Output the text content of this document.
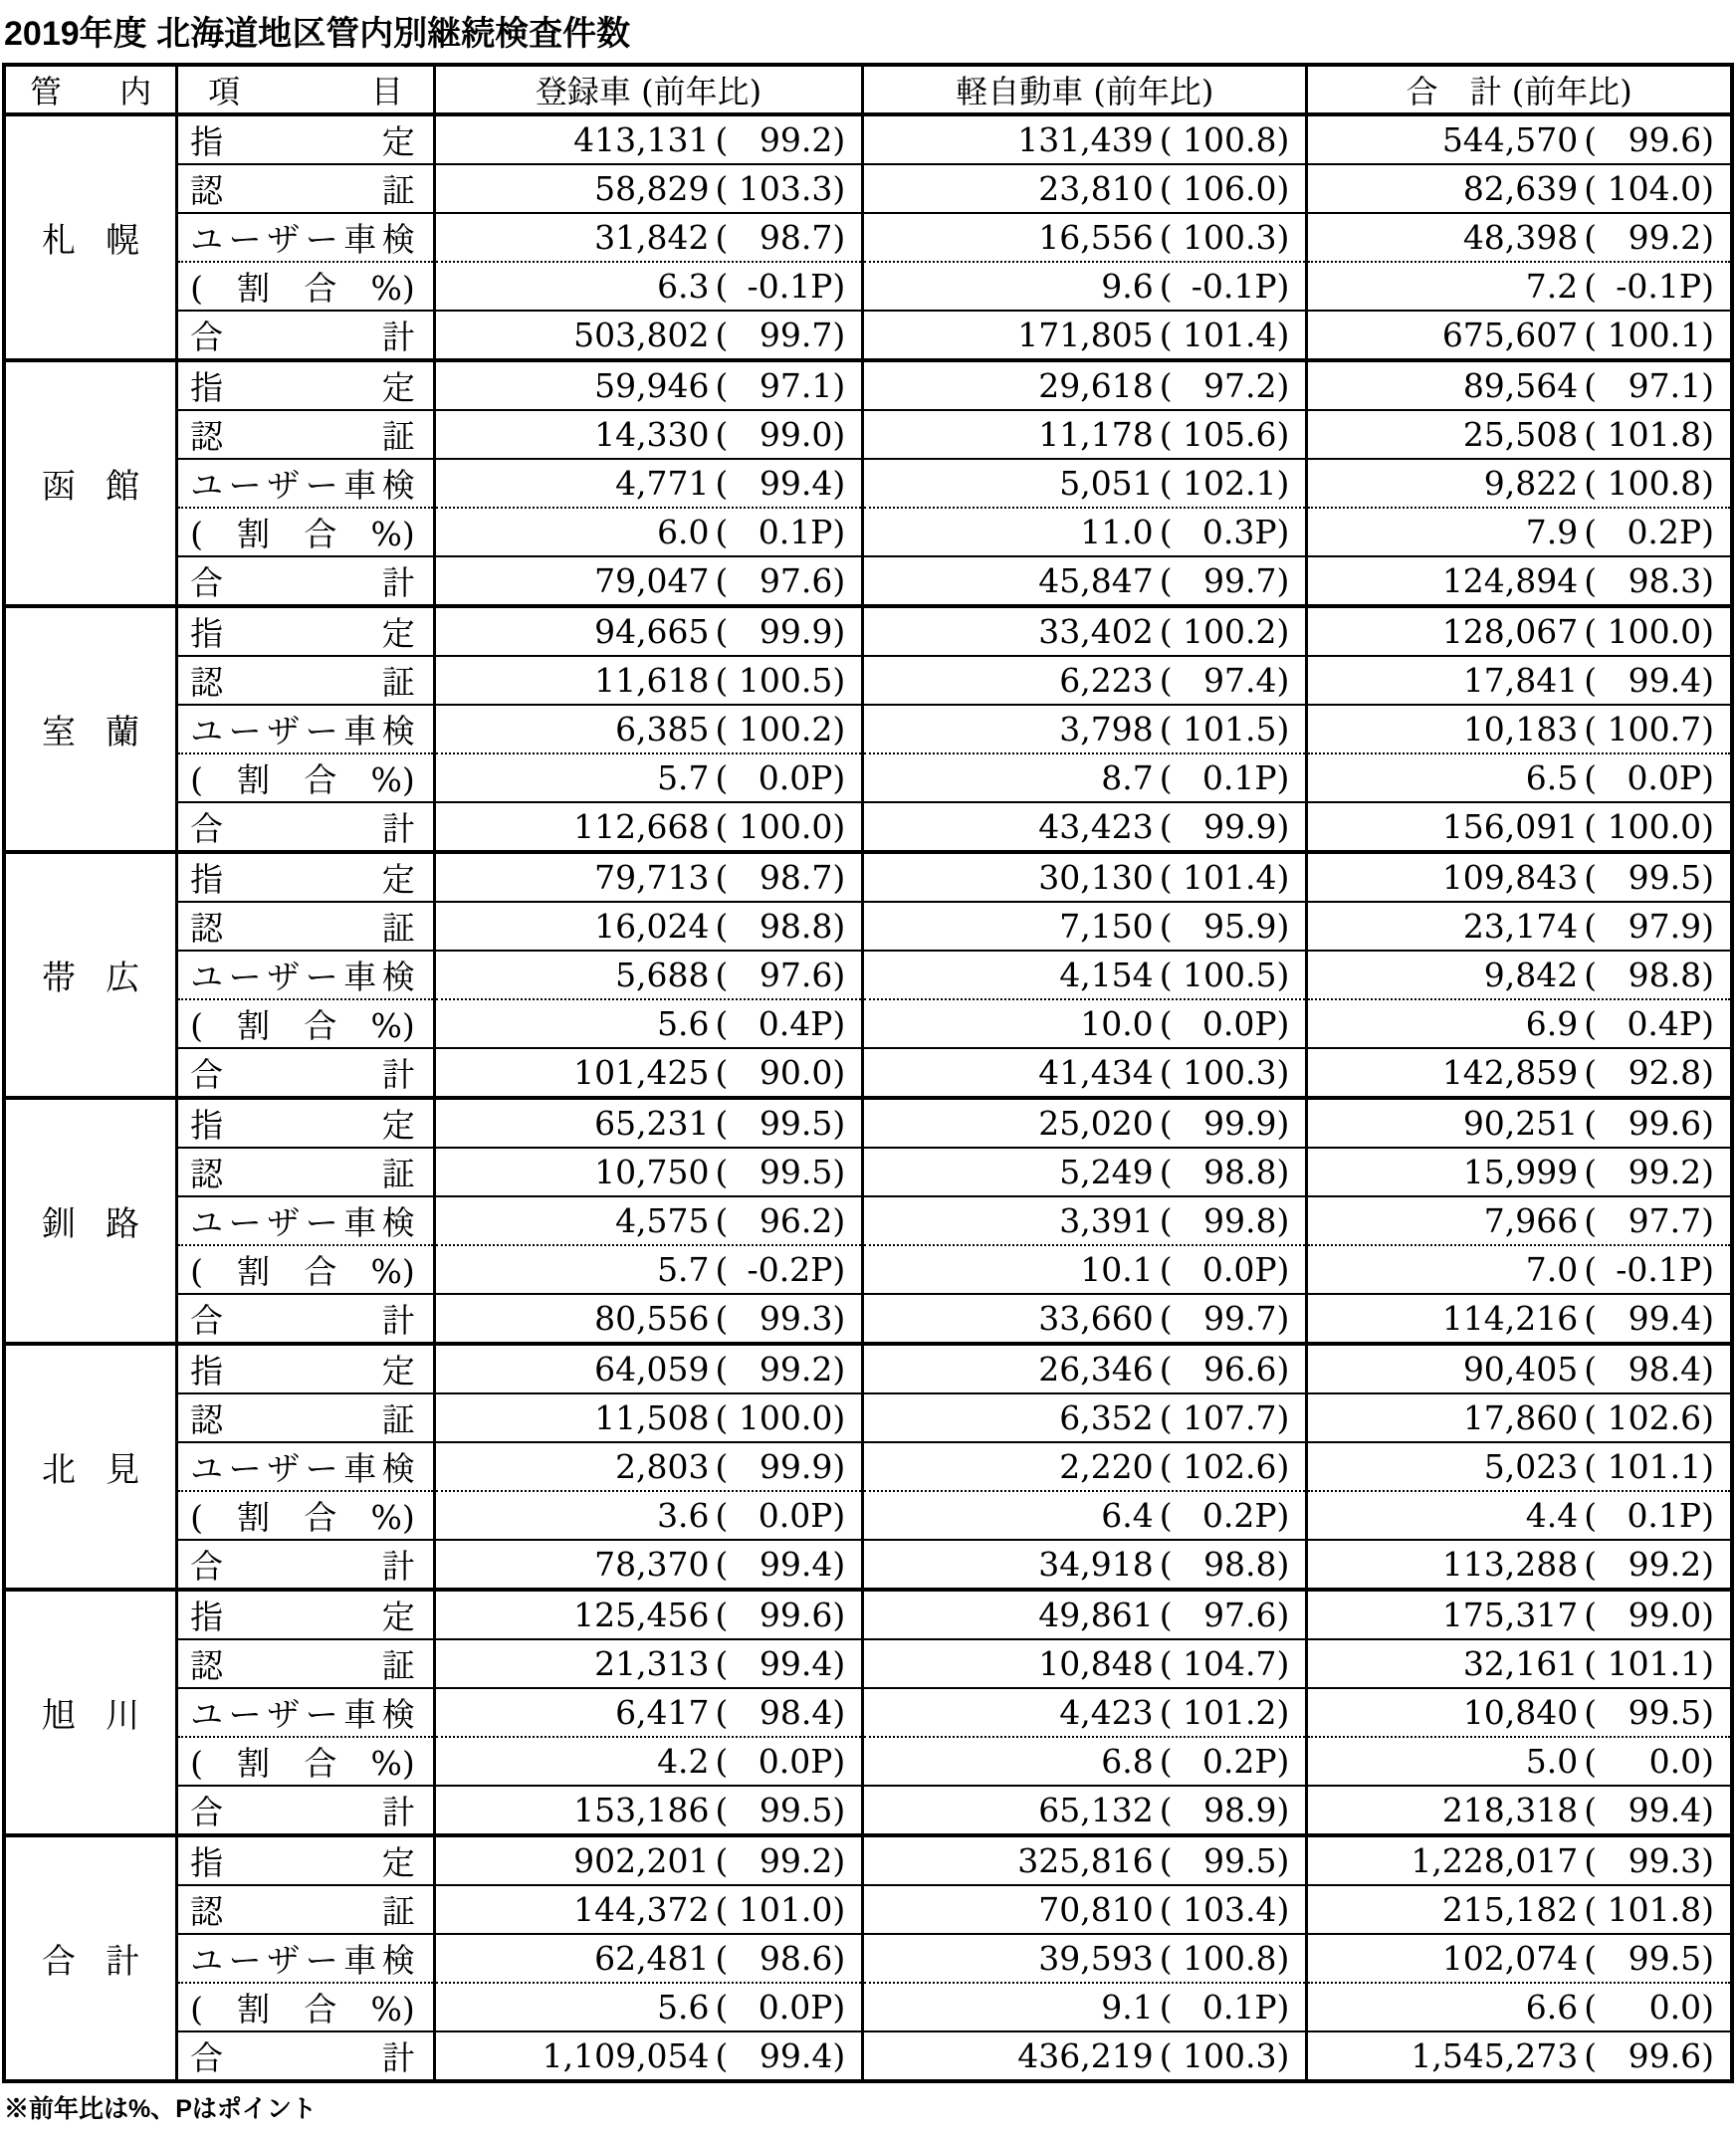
2019年度 北海道地区管内別継続検査件数
管内	項目	登録車 (前年比)	軽自動車 (前年比)	合　計 (前年比)
札幌	指定	413,131 ( 99.2)	131,439 ( 100.8)	544,570 ( 99.6)
	認証	58,829 ( 103.3)	23,810 ( 106.0)	82,639 ( 104.0)
	ユーザー車検	31,842 ( 98.7)	16,556 ( 100.3)	48,398 ( 99.2)
	(割合%)	6.3 ( -0.1P)	9.6 ( -0.1P)	7.2 ( -0.1P)
	合計	503,802 ( 99.7)	171,805 ( 101.4)	675,607 ( 100.1)
函館	指定	59,946 ( 97.1)	29,618 ( 97.2)	89,564 ( 97.1)
	認証	14,330 ( 99.0)	11,178 ( 105.6)	25,508 ( 101.8)
	ユーザー車検	4,771 ( 99.4)	5,051 ( 102.1)	9,822 ( 100.8)
	(割合%)	6.0 ( 0.1P)	11.0 ( 0.3P)	7.9 ( 0.2P)
	合計	79,047 ( 97.6)	45,847 ( 99.7)	124,894 ( 98.3)
室蘭	指定	94,665 ( 99.9)	33,402 ( 100.2)	128,067 ( 100.0)
	認証	11,618 ( 100.5)	6,223 ( 97.4)	17,841 ( 99.4)
	ユーザー車検	6,385 ( 100.2)	3,798 ( 101.5)	10,183 ( 100.7)
	(割合%)	5.7 ( 0.0P)	8.7 ( 0.1P)	6.5 ( 0.0P)
	合計	112,668 ( 100.0)	43,423 ( 99.9)	156,091 ( 100.0)
帯広	指定	79,713 ( 98.7)	30,130 ( 101.4)	109,843 ( 99.5)
	認証	16,024 ( 98.8)	7,150 ( 95.9)	23,174 ( 97.9)
	ユーザー車検	5,688 ( 97.6)	4,154 ( 100.5)	9,842 ( 98.8)
	(割合%)	5.6 ( 0.4P)	10.0 ( 0.0P)	6.9 ( 0.4P)
	合計	101,425 ( 90.0)	41,434 ( 100.3)	142,859 ( 92.8)
釧路	指定	65,231 ( 99.5)	25,020 ( 99.9)	90,251 ( 99.6)
	認証	10,750 ( 99.5)	5,249 ( 98.8)	15,999 ( 99.2)
	ユーザー車検	4,575 ( 96.2)	3,391 ( 99.8)	7,966 ( 97.7)
	(割合%)	5.7 ( -0.2P)	10.1 ( 0.0P)	7.0 ( -0.1P)
	合計	80,556 ( 99.3)	33,660 ( 99.7)	114,216 ( 99.4)
北見	指定	64,059 ( 99.2)	26,346 ( 96.6)	90,405 ( 98.4)
	認証	11,508 ( 100.0)	6,352 ( 107.7)	17,860 ( 102.6)
	ユーザー車検	2,803 ( 99.9)	2,220 ( 102.6)	5,023 ( 101.1)
	(割合%)	3.6 ( 0.0P)	6.4 ( 0.2P)	4.4 ( 0.1P)
	合計	78,370 ( 99.4)	34,918 ( 98.8)	113,288 ( 99.2)
旭川	指定	125,456 ( 99.6)	49,861 ( 97.6)	175,317 ( 99.0)
	認証	21,313 ( 99.4)	10,848 ( 104.7)	32,161 ( 101.1)
	ユーザー車検	6,417 ( 98.4)	4,423 ( 101.2)	10,840 ( 99.5)
	(割合%)	4.2 ( 0.0P)	6.8 ( 0.2P)	5.0 ( 0.0)
	合計	153,186 ( 99.5)	65,132 ( 98.9)	218,318 ( 99.4)
合計	指定	902,201 ( 99.2)	325,816 ( 99.5)	1,228,017 ( 99.3)
	認証	144,372 ( 101.0)	70,810 ( 103.4)	215,182 ( 101.8)
	ユーザー車検	62,481 ( 98.6)	39,593 ( 100.8)	102,074 ( 99.5)
	(割合%)	5.6 ( 0.0P)	9.1 ( 0.1P)	6.6 ( 0.0)
	合計	1,109,054 ( 99.4)	436,219 ( 100.3)	1,545,273 ( 99.6)
※前年比は%、Pはポイント
